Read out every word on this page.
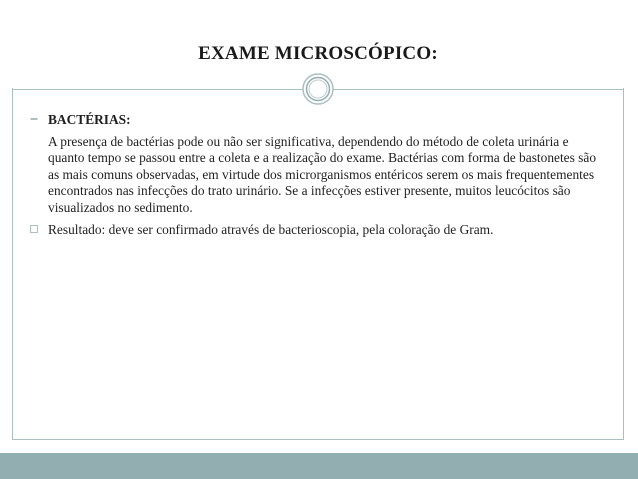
EXAME MICROSCÓPICO:
BACTÉRIAS:
A presença de bactérias pode ou não ser significativa, dependendo do método de coleta urinária e quanto tempo se passou entre a coleta e a realização do exame. Bactérias com forma de bastonetes são as mais comuns observadas, em virtude dos microrganismos entéricos serem os mais frequentementes encontrados nas infecções do trato urinário. Se a infecções estiver presente, muitos leucócitos são visualizados no sedimento.
Resultado: deve ser confirmado através de bacterioscopia, pela coloração de Gram.
